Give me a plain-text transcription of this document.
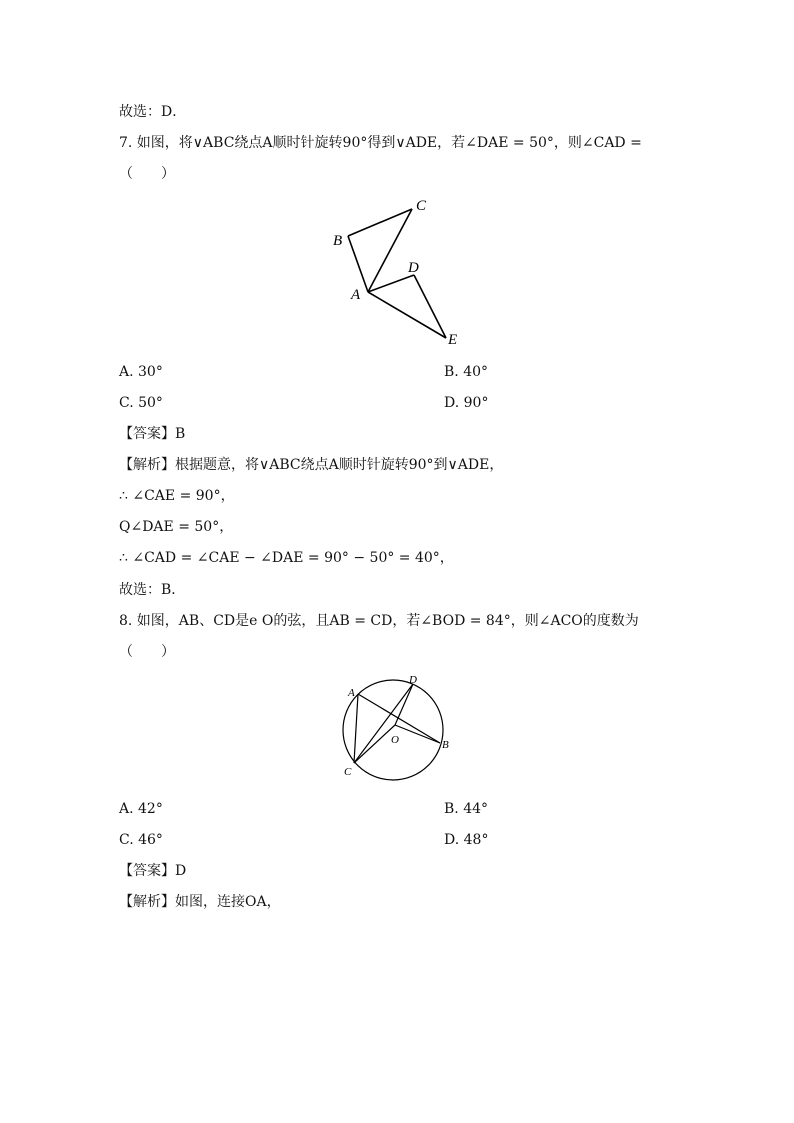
故选：D．
7. 如图，将∨ABC绕点A顺时针旋转90°得到∨ADE，若∠DAE = 50°，则∠CAD =
（　　）
B
C
A
D
E
A. 30°	B. 40°
C. 50°	D. 90°
【答案】B
【解析】根据题意，将∨ABC绕点A顺时针旋转90°到∨ADE，
∴ ∠CAE = 90°，
Q∠DAE = 50°，
∴ ∠CAD = ∠CAE − ∠DAE = 90° − 50° = 40°，
故选：B．
8. 如图，AB、CD是e O的弦，且AB = CD，若∠BOD = 84°，则∠ACO的度数为
（　　）
A
D
O	B
C
A. 42°	B. 44°
C. 46°	D. 48°
【答案】D
【解析】如图，连接OA，
